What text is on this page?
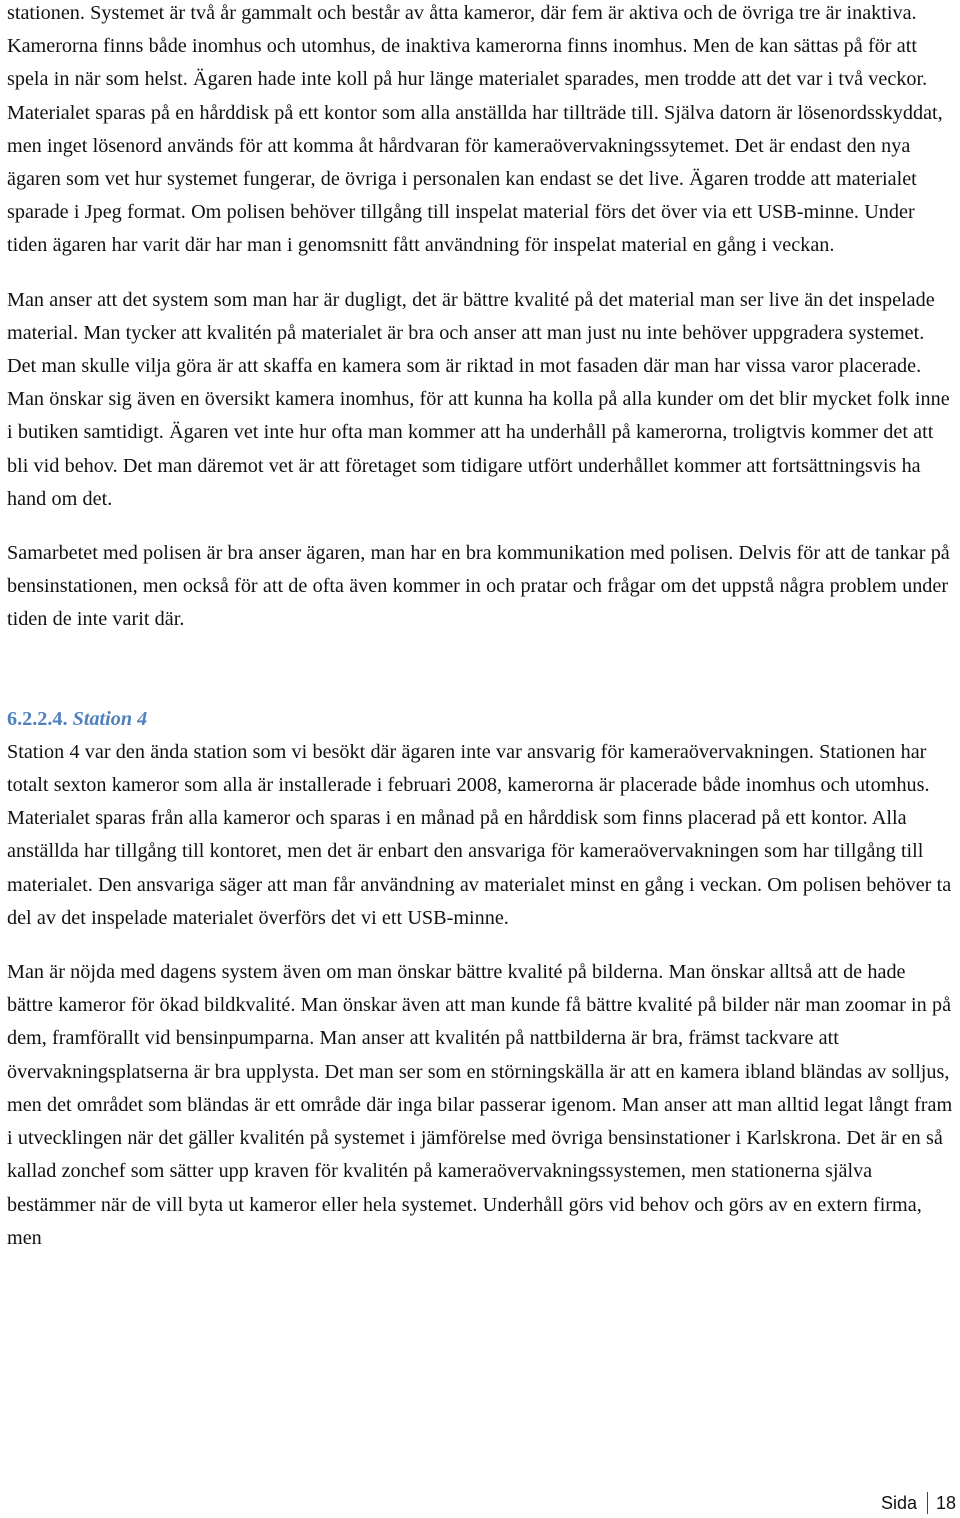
stationen. Systemet är två år gammalt och består av åtta kameror, där fem är aktiva och de övriga tre är inaktiva. Kamerorna finns både inomhus och utomhus, de inaktiva kamerorna finns inomhus. Men de kan sättas på för att spela in när som helst. Ägaren hade inte koll på hur länge materialet sparades, men trodde att det var i två veckor. Materialet sparas på en hårddisk på ett kontor som alla anställda har tillträde till. Själva datorn är lösenordsskyddat, men inget lösenord används för att komma åt hårdvaran för kameraövervakningssytemet. Det är endast den nya ägaren som vet hur systemet fungerar, de övriga i personalen kan endast se det live. Ägaren trodde att materialet sparade i Jpeg format. Om polisen behöver tillgång till inspelat material förs det över via ett USB-minne. Under tiden ägaren har varit där har man i genomsnitt fått användning för inspelat material en gång i veckan.

Man anser att det system som man har är dugligt, det är bättre kvalité på det material man ser live än det inspelade material. Man tycker att kvalitén på materialet är bra och anser att man just nu inte behöver uppgradera systemet. Det man skulle vilja göra är att skaffa en kamera som är riktad in mot fasaden där man har vissa varor placerade. Man önskar sig även en översikt kamera inomhus, för att kunna ha kolla på alla kunder om det blir mycket folk inne i butiken samtidigt. Ägaren vet inte hur ofta man kommer att ha underhåll på kamerorna, troligtvis kommer det att bli vid behov. Det man däremot vet är att företaget som tidigare utfört underhållet kommer att fortsättningsvis ha hand om det.

Samarbetet med polisen är bra anser ägaren, man har en bra kommunikation med polisen. Delvis för att de tankar på bensinstationen, men också för att de ofta även kommer in och pratar och frågar om det uppstå några problem under tiden de inte varit där.

6.2.2.4. Station 4

Station 4 var den ända station som vi besökt där ägaren inte var ansvarig för kameraövervakningen. Stationen har totalt sexton kameror som alla är installerade i februari 2008, kamerorna är placerade både inomhus och utomhus. Materialet sparas från alla kameror och sparas i en månad på en hårddisk som finns placerad på ett kontor. Alla anställda har tillgång till kontoret, men det är enbart den ansvariga för kameraövervakningen som har tillgång till materialet. Den ansvariga säger att man får användning av materialet minst en gång i veckan. Om polisen behöver ta del av det inspelade materialet överförs det vi ett USB-minne.

Man är nöjda med dagens system även om man önskar bättre kvalité på bilderna. Man önskar alltså att de hade bättre kameror för ökad bildkvalité. Man önskar även att man kunde få bättre kvalité på bilder när man zoomar in på dem, framförallt vid bensinpumparna. Man anser att kvalitén på nattbilderna är bra, främst tackvare att övervakningsplatserna är bra upplysta. Det man ser som en störningskälla är att en kamera ibland bländas av solljus, men det området som bländas är ett område där inga bilar passerar igenom. Man anser att man alltid legat långt fram i utvecklingen när det gäller kvalitén på systemet i jämförelse med övriga bensinstationer i Karlskrona. Det är en så kallad zonchef som sätter upp kraven för kvalitén på kameraövervakningssystemen, men stationerna själva bestämmer när de vill byta ut kameror eller hela systemet. Underhåll görs vid behov och görs av en extern firma, men

Sida 18
